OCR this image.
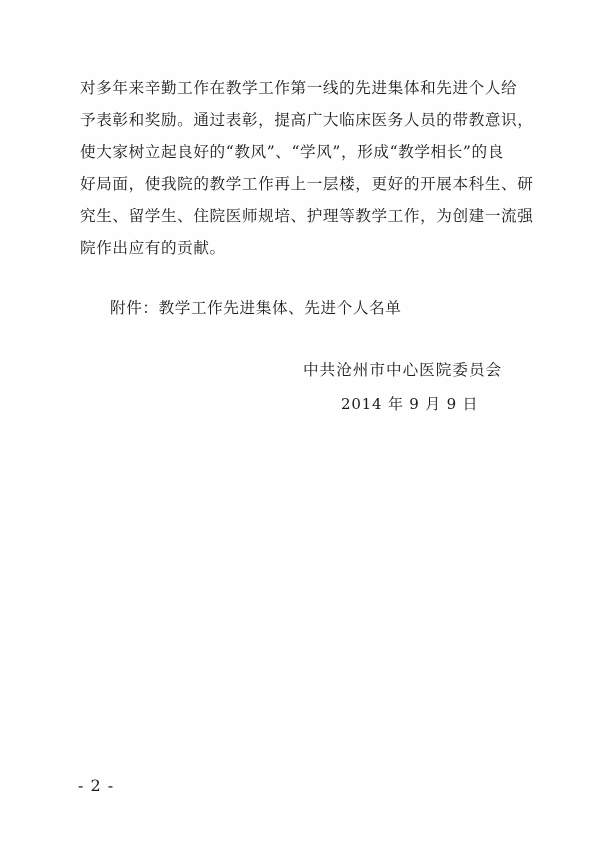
对多年来辛勤工作在教学工作第一线的先进集体和先进个人给
予表彰和奖励。通过表彰，提高广大临床医务人员的带教意识，
使大家树立起良好的“教风”、“学风”，形成“教学相长”的良
好局面，使我院的教学工作再上一层楼，更好的开展本科生、研
究生、留学生、住院医师规培、护理等教学工作，为创建一流强
院作出应有的贡献。
附件：教学工作先进集体、先进个人名单
中共沧州市中心医院委员会
2014 年 9 月 9 日
- 2 -
